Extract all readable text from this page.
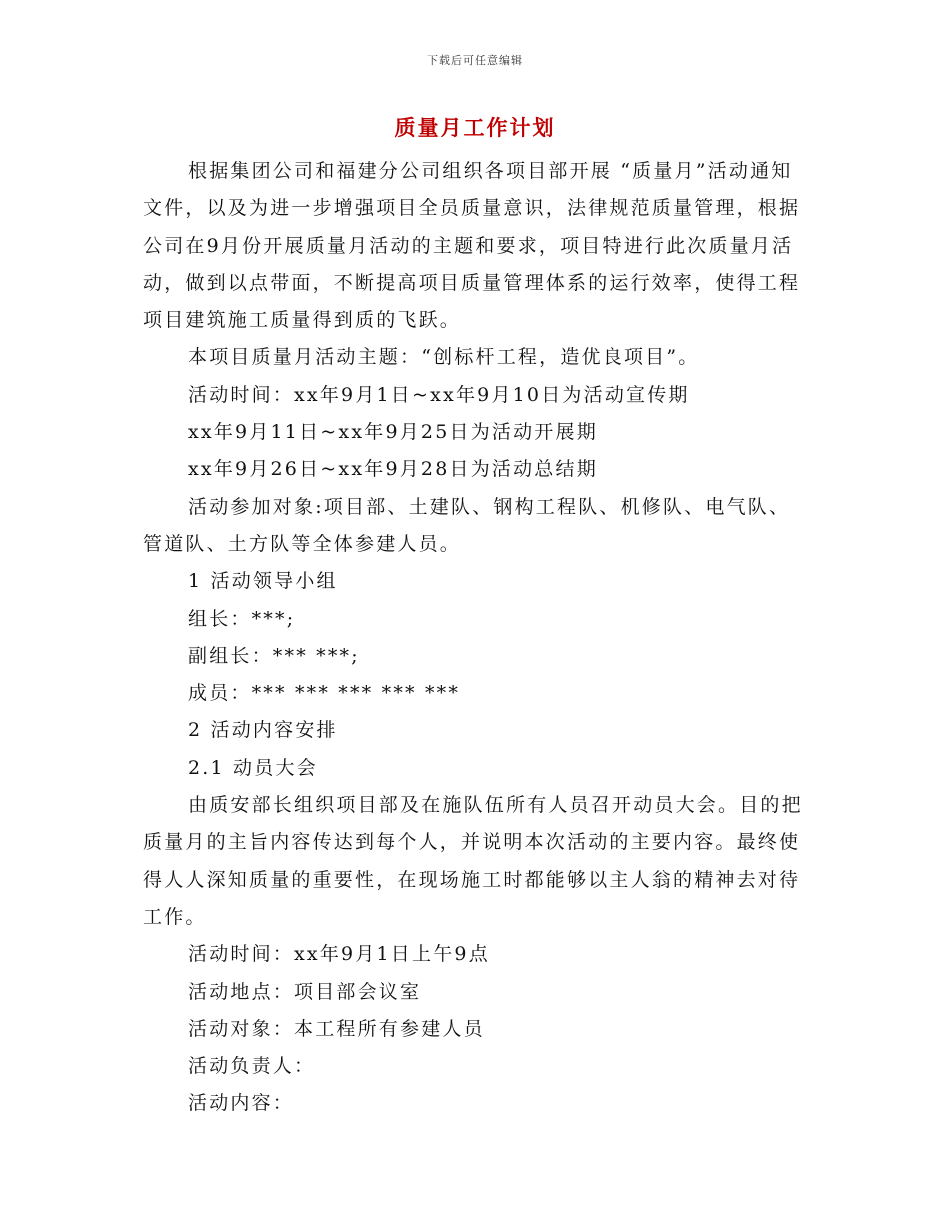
下载后可任意编辑
质量月工作计划

根据集团公司和福建分公司组织各项目部开展 “质量月”活动通知文件，以及为进一步增强项目全员质量意识，法律规范质量管理，根据公司在9月份开展质量月活动的主题和要求，项目特进行此次质量月活动，做到以点带面，不断提高项目质量管理体系的运行效率，使得工程项目建筑施工质量得到质的飞跃。

本项目质量月活动主题：“创标杆工程，造优良项目”。

活动时间：xx年9月1日~xx年9月10日为活动宣传期

xx年9月11日~xx年9月25日为活动开展期

xx年9月26日~xx年9月28日为活动总结期

活动参加对象:项目部、土建队、钢构工程队、机修队、电气队、管道队、土方队等全体参建人员。

1 活动领导小组

组长：***;

副组长：*** ***;

成员：*** *** *** *** ***

2 活动内容安排

2.1 动员大会

由质安部长组织项目部及在施队伍所有人员召开动员大会。目的把质量月的主旨内容传达到每个人，并说明本次活动的主要内容。最终使得人人深知质量的重要性，在现场施工时都能够以主人翁的精神去对待工作。

活动时间：xx年9月1日上午9点

活动地点：项目部会议室

活动对象：本工程所有参建人员

活动负责人：

活动内容：
